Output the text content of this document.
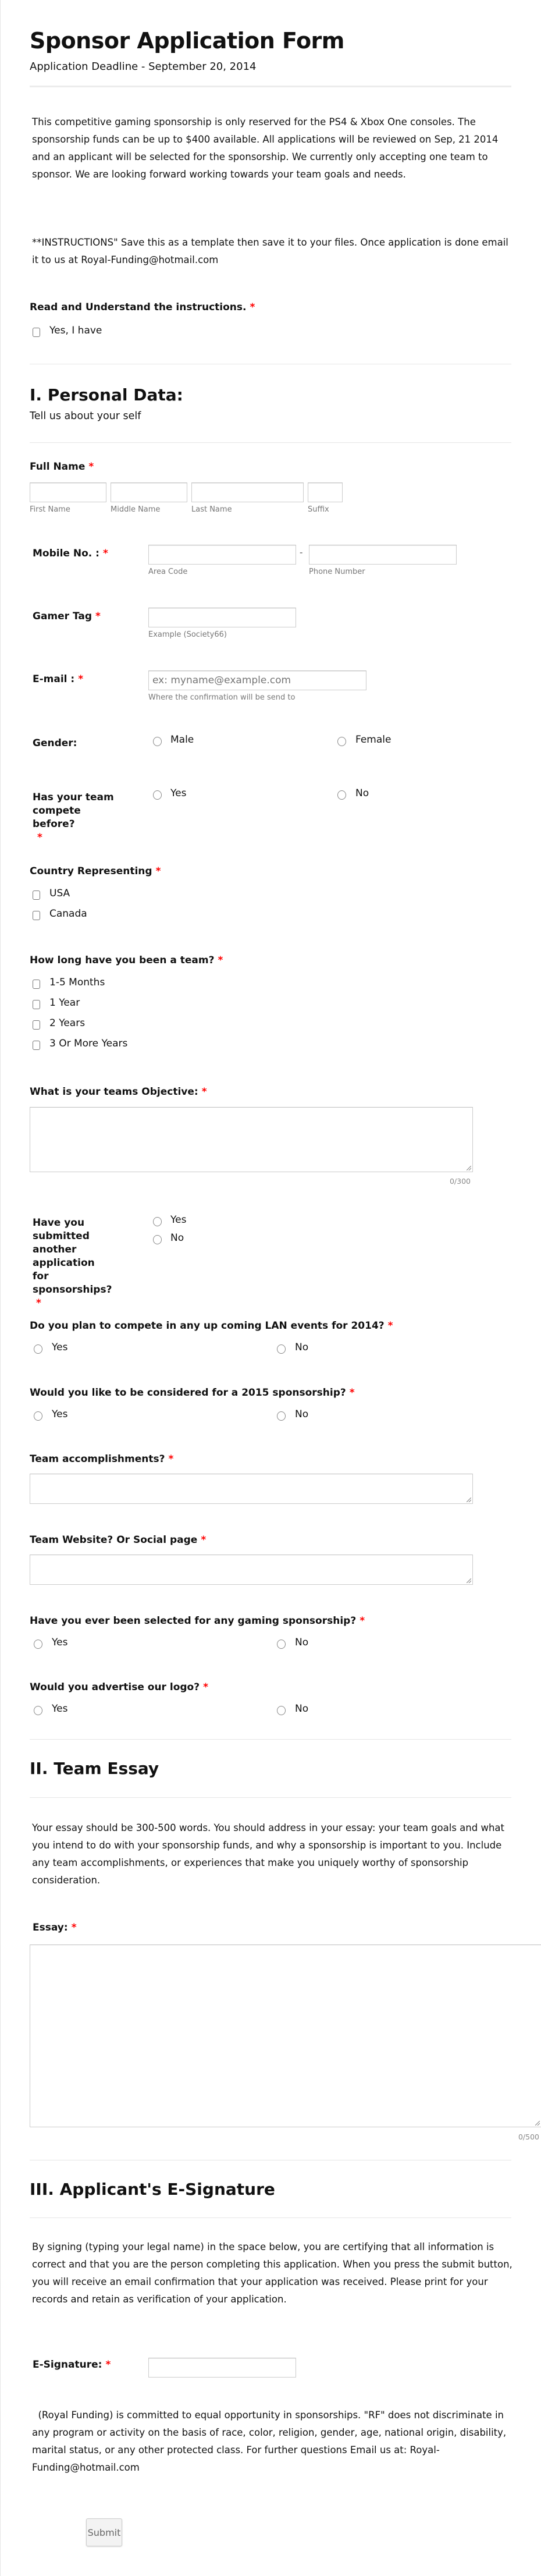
Sponsor Application Form
Application Deadline - September 20, 2014
This competitive gaming sponsorship is only reserved for the PS4 & Xbox One consoles. The sponsorship funds can be up to $400 available. All applications will be reviewed on Sep, 21 2014 and an applicant will be selected for the sponsorship. We currently only accepting one team to sponsor. We are looking forward working towards your team goals and needs.
**INSTRUCTIONS" Save this as a template then save it to your files. Once application is done email it to us at Royal-Funding@hotmail.com
Read and Understand the instructions. *
Yes, I have
I. Personal Data:
Tell us about your self
Full Name *
First Name	Middle Name	Last Name	Suffix
Mobile No. : *	-
Area Code	Phone Number
Gamer Tag *
Example (Society66)
E-mail : *
ex: myname@example.com
Where the confirmation will be send to
Gender:	Male	Female
Has your team compete before?
*
Yes	No
Country Representing *
USA
Canada
How long have you been a team? *
1-5 Months
1 Year
2 Years
3 Or More Years
What is your teams Objective: *
0/300
Have you submitted another application for sponsorships?*
Yes
No
Do you plan to compete in any up coming LAN events for 2014? *
Yes	No
Would you like to be considered for a 2015 sponsorship? *
Yes	No
Team accomplishments? *
Team Website? Or Social page *
Have you ever been selected for any gaming sponsorship? *
Yes	No
Would you advertise our logo? *
Yes	No
II. Team Essay
Your essay should be 300-500 words. You should address in your essay: your team goals and what you intend to do with your sponsorship funds, and why a sponsorship is important to you. Include any team accomplishments, or experiences that make you uniquely worthy of sponsorship consideration.
Essay: *
0/500
III. Applicant's E-Signature
By signing (typing your legal name) in the space below, you are certifying that all information is correct and that you are the person completing this application. When you press the submit button, you will receive an email confirmation that your application was received. Please print for your records and retain as verification of your application.
E-Signature: *
(Royal Funding) is committed to equal opportunity in sponsorships. "RF" does not discriminate in any program or activity on the basis of race, color, religion, gender, age, national origin, disability, marital status, or any other protected class. For further questions Email us at: Royal-Funding@hotmail.com
Submit
